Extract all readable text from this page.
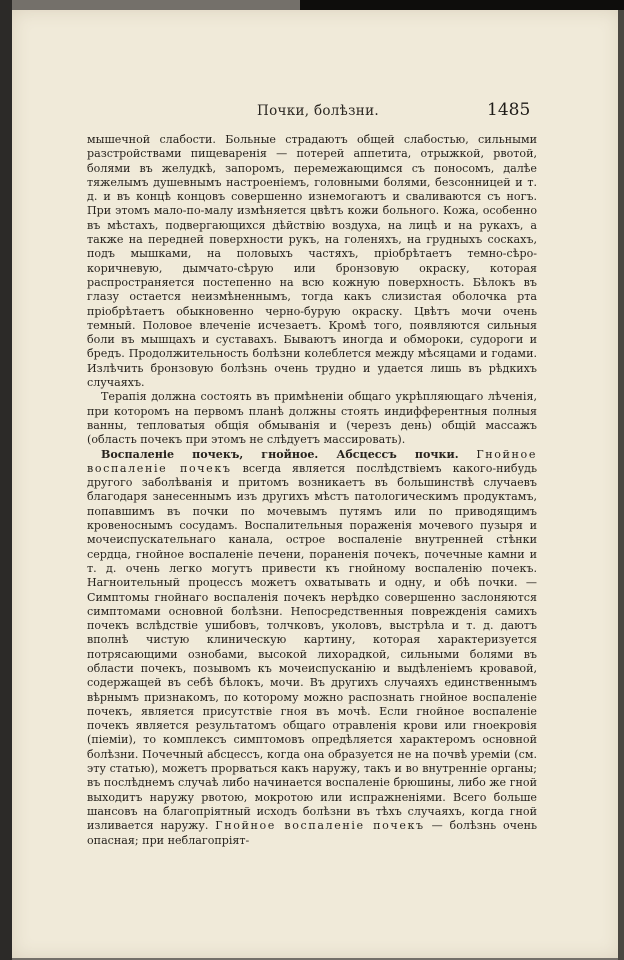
Почки, болѣзни.	1485

мышечной слабости. Больные страдаютъ общей слабостью, сильными разстройствами пищеваренія — потерей аппетита, отрыжкой, рвотой, болями въ желудкѣ, запоромъ, перемежающимся съ поносомъ, далѣе тяжелымъ душевнымъ настроеніемъ, головными болями, безсонницей и т. д. и въ концѣ концовъ совершенно изнемогаютъ и сваливаются съ ногъ. При этомъ мало-по-малу измѣняется цвѣтъ кожи больного. Кожа, особенно въ мѣстахъ, подвергающихся дѣйствію воздуха, на лицѣ и на рукахъ, а также на передней поверхности рукъ, на голеняхъ, на грудныхъ соскахъ, подъ мышками, на половыхъ частяхъ, пріобрѣтаетъ темно-сѣро-коричневую, дымчато-сѣрую или бронзовую окраску, которая распространяется постепенно на всю кожную поверхность. Бѣлокъ въ глазу остается неизмѣненнымъ, тогда какъ слизистая оболочка рта пріобрѣтаетъ обыкновенно черно-бурую окраску. Цвѣтъ мочи очень темный. Половое влеченіе исчезаетъ. Кромѣ того, появляются сильныя боли въ мышцахъ и суставахъ. Бываютъ иногда и обмороки, судороги и бредъ. Продолжительность болѣзни колеблется между мѣсяцами и годами. Излѣчить бронзовую болѣзнь очень трудно и удается лишь въ рѣдкихъ случаяхъ.

Терапія должна состоять въ примѣненіи общаго укрѣпляющаго лѣченія, при которомъ на первомъ планѣ должны стоять индифферентныя полныя ванны, тепловатыя общія обмыванія и (черезъ день) общій массажъ (область почекъ при этомъ не слѣдуетъ массировать).

Воспаленіе почекъ, гнойное. Абсцессъ почки. Гнойное воспаленіе почекъ всегда является послѣдствіемъ какого-нибудь другого заболѣванія и притомъ возникаетъ въ большинствѣ случаевъ благодаря занесеннымъ изъ другихъ мѣстъ патологическимъ продуктамъ, попавшимъ въ почки по мочевымъ путямъ или по приводящимъ кровеноснымъ сосудамъ. Воспалительныя пораженія мочевого пузыря и мочеиспускательнаго канала, острое воспаленіе внутренней стѣнки сердца, гнойное воспаленіе печени, пораненія почекъ, почечные камни и т. д. очень легко могутъ привести къ гнойному воспаленію почекъ. Нагноительный процессъ можетъ охватывать и одну, и обѣ почки. — Симптомы гнойнаго воспаленія почекъ нерѣдко совершенно заслоняются симптомами основной болѣзни. Непосредственныя поврежденія самихъ почекъ вслѣдствіе ушибовъ, толчковъ, уколовъ, выстрѣла и т. д. даютъ вполнѣ чистую клиническую картину, которая характеризуется потрясающими ознобами, высокой лихорадкой, сильными болями въ области почекъ, позывомъ къ мочеиспусканію и выдѣленіемъ кровавой, содержащей въ себѣ бѣлокъ, мочи. Въ другихъ случаяхъ единственнымъ вѣрнымъ признакомъ, по которому можно распознать гнойное воспаленіе почекъ, является присутствіе гноя въ мочѣ. Если гнойное воспаленіе почекъ является результатомъ общаго отравленія крови или гноекровія (піеміи), то комплексъ симптомовъ опредѣляется характеромъ основной болѣзни. Почечный абсцессъ, когда она образуется не на почвѣ уреміи (см. эту статью), можетъ прорваться какъ наружу, такъ и во внутренніе органы; въ послѣднемъ случаѣ либо начинается воспаленіе брюшины, либо же гной выходитъ наружу рвотою, мокротою или испражненіями. Всего больше шансовъ на благопріятный исходъ болѣзни въ тѣхъ случаяхъ, когда гной изливается наружу. Гнойное воспаленіе почекъ — болѣзнь очень опасная; при неблагопріят-
